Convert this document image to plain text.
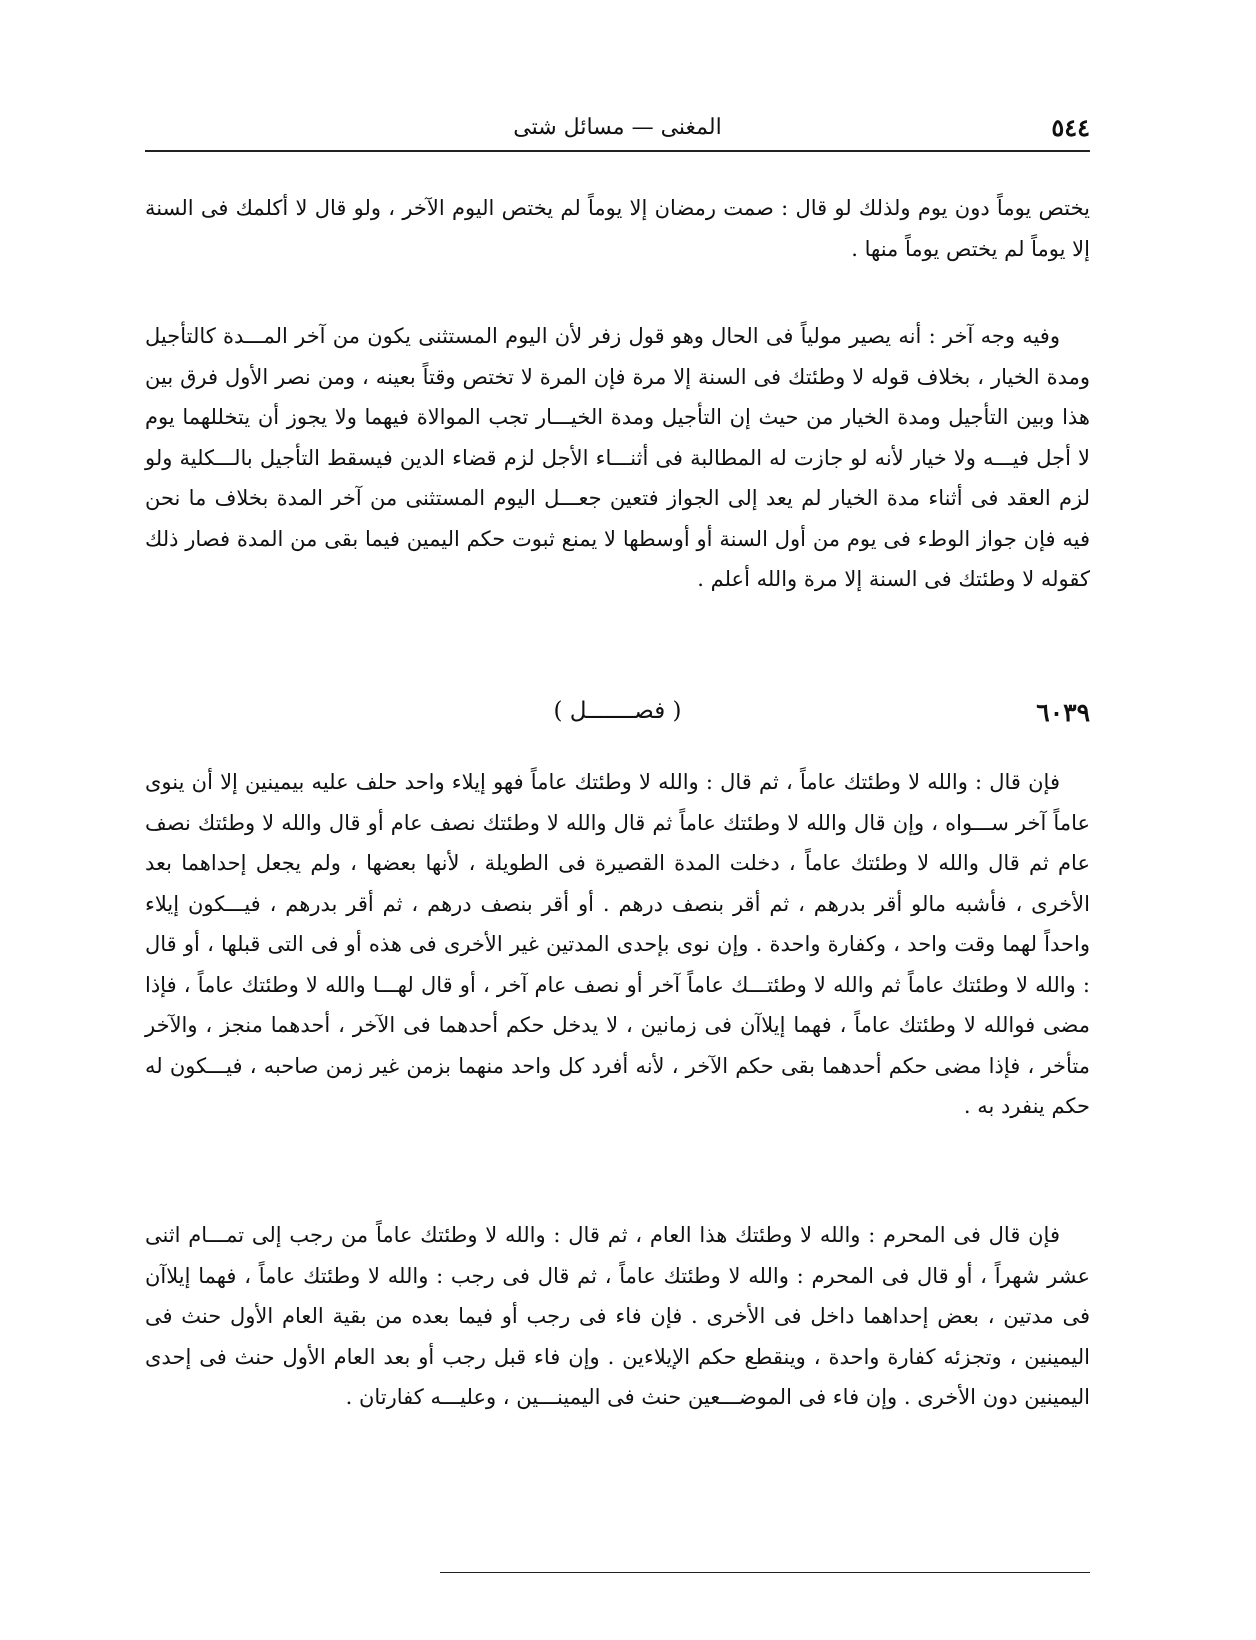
٥٤٤
المغنى — مسائل شتى

يختص يوماً دون يوم ولذلك لو قال : صمت رمضان إلا يوماً لم يختص اليوم الآخر ، ولو قال لا أكلمك فى السنة إلا يوماً لم يختص يوماً منها .

وفيه وجه آخر : أنه يصير مولياً فى الحال وهو قول زفر لأن اليوم المستثنى يكون من آخر المـــدة كالتأجيل ومدة الخيار ، بخلاف قوله لا وطئتك فى السنة إلا مرة فإن المرة لا تختص وقتاً بعينه ، ومن نصر الأول فرق بين هذا وبين التأجيل ومدة الخيار من حيث إن التأجيل ومدة الخيـــار تجب الموالاة فيهما ولا يجوز أن يتخللهما يوم لا أجل فيـــه ولا خيار لأنه لو جازت له المطالبة فى أثنـــاء الأجل لزم قضاء الدين فيسقط التأجيل بالـــكلية ولو لزم العقد فى أثناء مدة الخيار لم يعد إلى الجواز فتعين جعـــل اليوم المستثنى من آخر المدة بخلاف ما نحن فيه فإن جواز الوطء فى يوم من أول السنة أو أوسطها لا يمنع ثبوت حكم اليمين فيما بقى من المدة فصار ذلك كقوله لا وطئتك فى السنة إلا مرة والله أعلم .

٦٠٣٩
( فصـــــــل )

فإن قال : والله لا وطئتك عاماً ، ثم قال : والله لا وطئتك عاماً فهو إيلاء واحد حلف عليه بيمينين إلا أن ينوى عاماً آخر ســـواه ، وإن قال والله لا وطئتك عاماً ثم قال والله لا وطئتك نصف عام أو قال والله لا وطئتك نصف عام ثم قال والله لا وطئتك عاماً ، دخلت المدة القصيرة فى الطويلة ، لأنها بعضها ، ولم يجعل إحداهما بعد الأخرى ، فأشبه مالو أقر بدرهم ، ثم أقر بنصف درهم . أو أقر بنصف درهم ، ثم أقر بدرهم ، فيـــكون إيلاء واحداً لهما وقت واحد ، وكفارة واحدة . وإن نوى بإحدى المدتين غير الأخرى فى هذه أو فى التى قبلها ، أو قال : والله لا وطئتك عاماً ثم والله لا وطئتـــك عاماً آخر أو نصف عام آخر ، أو قال لهـــا والله لا وطئتك عاماً ، فإذا مضى فوالله لا وطئتك عاماً ، فهما إيلاآن فى زمانين ، لا يدخل حكم أحدهما فى الآخر ، أحدهما منجز ، والآخر متأخر ، فإذا مضى حكم أحدهما بقى حكم الآخر ، لأنه أفرد كل واحد منهما بزمن غير زمن صاحبه ، فيـــكون له حكم ينفرد به .

فإن قال فى المحرم : والله لا وطئتك هذا العام ، ثم قال : والله لا وطئتك عاماً من رجب إلى تمـــام اثنى عشر شهراً ، أو قال فى المحرم : والله لا وطئتك عاماً ، ثم قال فى رجب : والله لا وطئتك عاماً ، فهما إيلاآن فى مدتين ، بعض إحداهما داخل فى الأخرى . فإن فاء فى رجب أو فيما بعده من بقية العام الأول حنث فى اليمينين ، وتجزئه كفارة واحدة ، وينقطع حكم الإيلاءين . وإن فاء قبل رجب أو بعد العام الأول حنث فى إحدى اليمينين دون الأخرى . وإن فاء فى الموضـــعين حنث فى اليمينـــين ، وعليـــه كفارتان .
